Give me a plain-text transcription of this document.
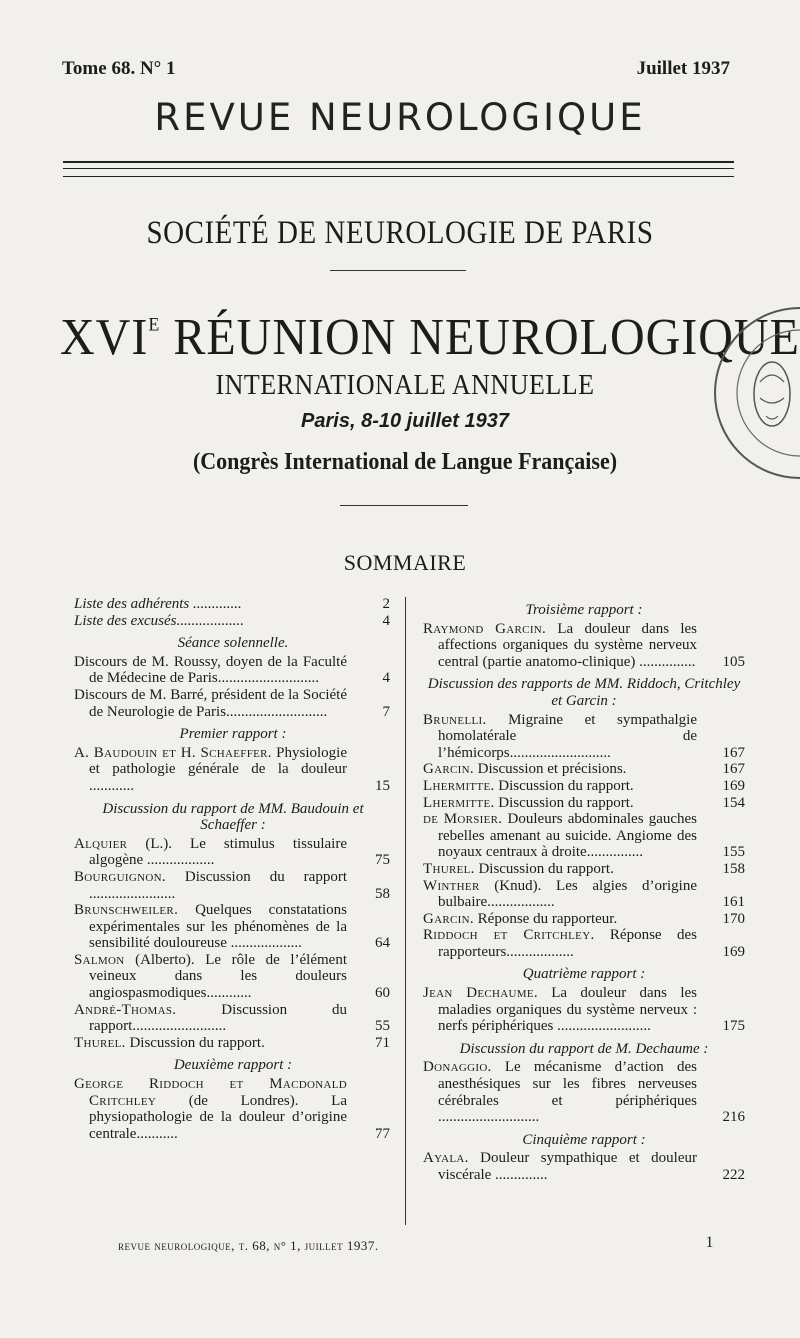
Tome 68. N° 1	Juillet 1937
REVUE NEUROLOGIQUE
SOCIÉTÉ DE NEUROLOGIE DE PARIS
$XVI^E$ RÉUNION NEUROLOGIQUE
INTERNATIONALE ANNUELLE
Paris, 8-10 juillet 1937
(Congrès International de Langue Française)
SOMMAIRE

Liste des adhérents .............	2

Liste des excusés..................	4

Séance solennelle.

Discours de M. Roussy, doyen de la Faculté de Médecine de Paris...........................	4

Discours de M. Barré, président de la Société de Neurologie de Paris...........................	7

Premier rapport :

A. Baudouin et H. Schaeffer. Physiologie et pathologie générale de la douleur ............	15

Discussion du rapport de MM. Baudouin et Schaeffer :

Alquier (L.). Le stimulus tissulaire algogène ..................	75

Bourguignon. Discussion du rapport .......................	58

Brunschweiler. Quelques constatations expérimentales sur les phénomènes de la sensibilité douloureuse ...................	64

Salmon (Alberto). Le rôle de l’élément veineux dans les douleurs angiospasmodiques............	60

André-Thomas.	Discussion du rapport.........................	55

Thurel. Discussion du rapport.	71

Deuxième rapport :

George Riddoch et Macdonald Critchley (de Londres). La physiopathologie de la douleur d’origine centrale...........	77

Troisième rapport :

Raymond Garcin. La douleur dans les affections organiques du système nerveux central (partie anatomo-clinique) ...............	105

Discussion des rapports de MM. Riddoch, Critchley et Garcin :

Brunelli. Migraine et sympathalgie homolatérale de l’hémicorps...........................	167

Garcin. Discussion et précisions.	167

Lhermitte. Discussion du rapport.	169

Lhermitte. Discussion du rapport.	154

de Morsier. Douleurs abdominales gauches rebelles amenant au suicide. Angiome des noyaux centraux à droite...............	155

Thurel. Discussion du rapport.	158

Winther (Knud). Les algies d’origine bulbaire..................	161

Garcin. Réponse du rapporteur.	170

Riddoch et Critchley. Réponse des rapporteurs..................	169

Quatrième rapport :

Jean Dechaume. La douleur dans les maladies organiques du système nerveux : nerfs périphériques .........................	175

Discussion du rapport de M. Dechaume :

Donaggio. Le mécanisme d’action des anesthésiques sur les fibres nerveuses cérébrales et périphériques ...........................	216

Cinquième rapport :

Ayala. Douleur sympathique et douleur viscérale ..............	222

revue neurologique, t. 68, n° 1, juillet 1937.	1
